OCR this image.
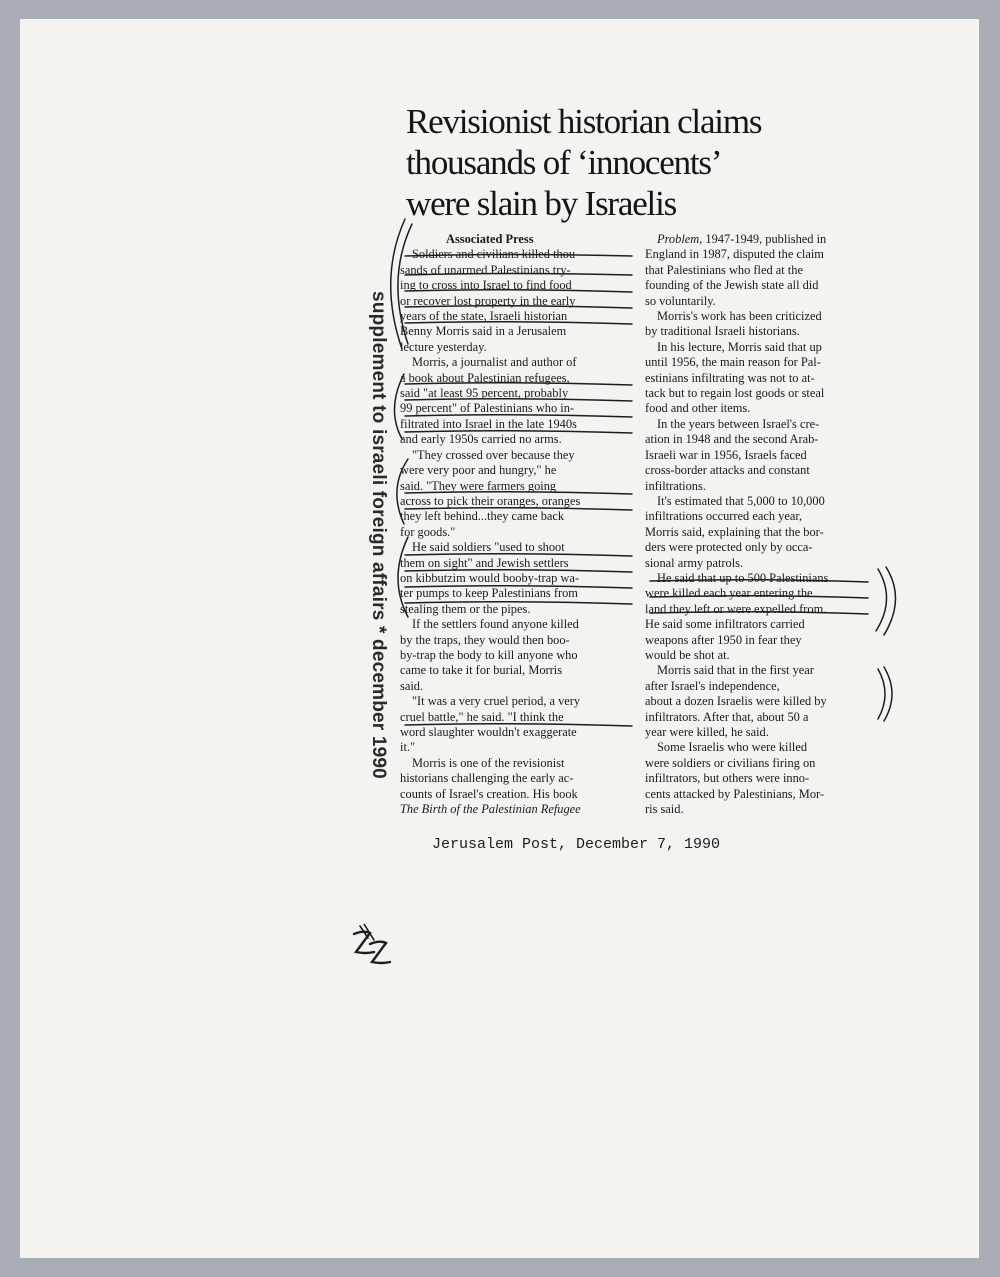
Revisionist historian claims
thousands of ‘innocents’
were slain by Israelis
supplement to israeli foreign affairs * december 1990
Associated Press

Soldiers and civilians killed thou-
sands of unarmed Palestinians try-
ing to cross into Israel to find food
or recover lost property in the early
years of the state, Israeli historian
Benny Morris said in a Jerusalem
lecture yesterday.

Morris, a journalist and author of
a book about Palestinian refugees,
said "at least 95 percent, probably
99 percent" of Palestinians who in-
filtrated into Israel in the late 1940s
and early 1950s carried no arms.

"They crossed over because they
were very poor and hungry," he
said. "They were farmers going
across to pick their oranges, oranges
they left behind...they came back
for goods."

He said soldiers "used to shoot
them on sight" and Jewish settlers
on kibbutzim would booby-trap wa-
ter pumps to keep Palestinians from
stealing them or the pipes.

If the settlers found anyone killed
by the traps, they would then boo-
by-trap the body to kill anyone who
came to take it for burial, Morris
said.

"It was a very cruel period, a very
cruel battle," he said. "I think the
word slaughter wouldn't exaggerate
it."

Morris is one of the revisionist
historians challenging the early ac-
counts of Israel's creation. His book
The Birth of the Palestinian Refugee

Problem, 1947-1949, published in
England in 1987, disputed the claim
that Palestinians who fled at the
founding of the Jewish state all did
so voluntarily.

Morris's work has been criticized
by traditional Israeli historians.

In his lecture, Morris said that up
until 1956, the main reason for Pal-
estinians infiltrating was not to at-
tack but to regain lost goods or steal
food and other items.

In the years between Israel's cre-
ation in 1948 and the second Arab-
Israeli war in 1956, Israels faced
cross-border attacks and constant
infiltrations.

It's estimated that 5,000 to 10,000
infiltrations occurred each year,
Morris said, explaining that the bor-
ders were protected only by occa-
sional army patrols.

He said that up to 500 Palestinians
were killed each year entering the
land they left or were expelled from.
He said some infiltrators carried
weapons after 1950 in fear they
would be shot at.

Morris said that in the first year
after Israel's independence,
about a dozen Israelis were killed by
infiltrators. After that, about 50 a
year were killed, he said.

Some Israelis who were killed
were soldiers or civilians firing on
infiltrators, but others were inno-
cents attacked by Palestinians, Mor-
ris said.

Jerusalem Post, December 7, 1990
